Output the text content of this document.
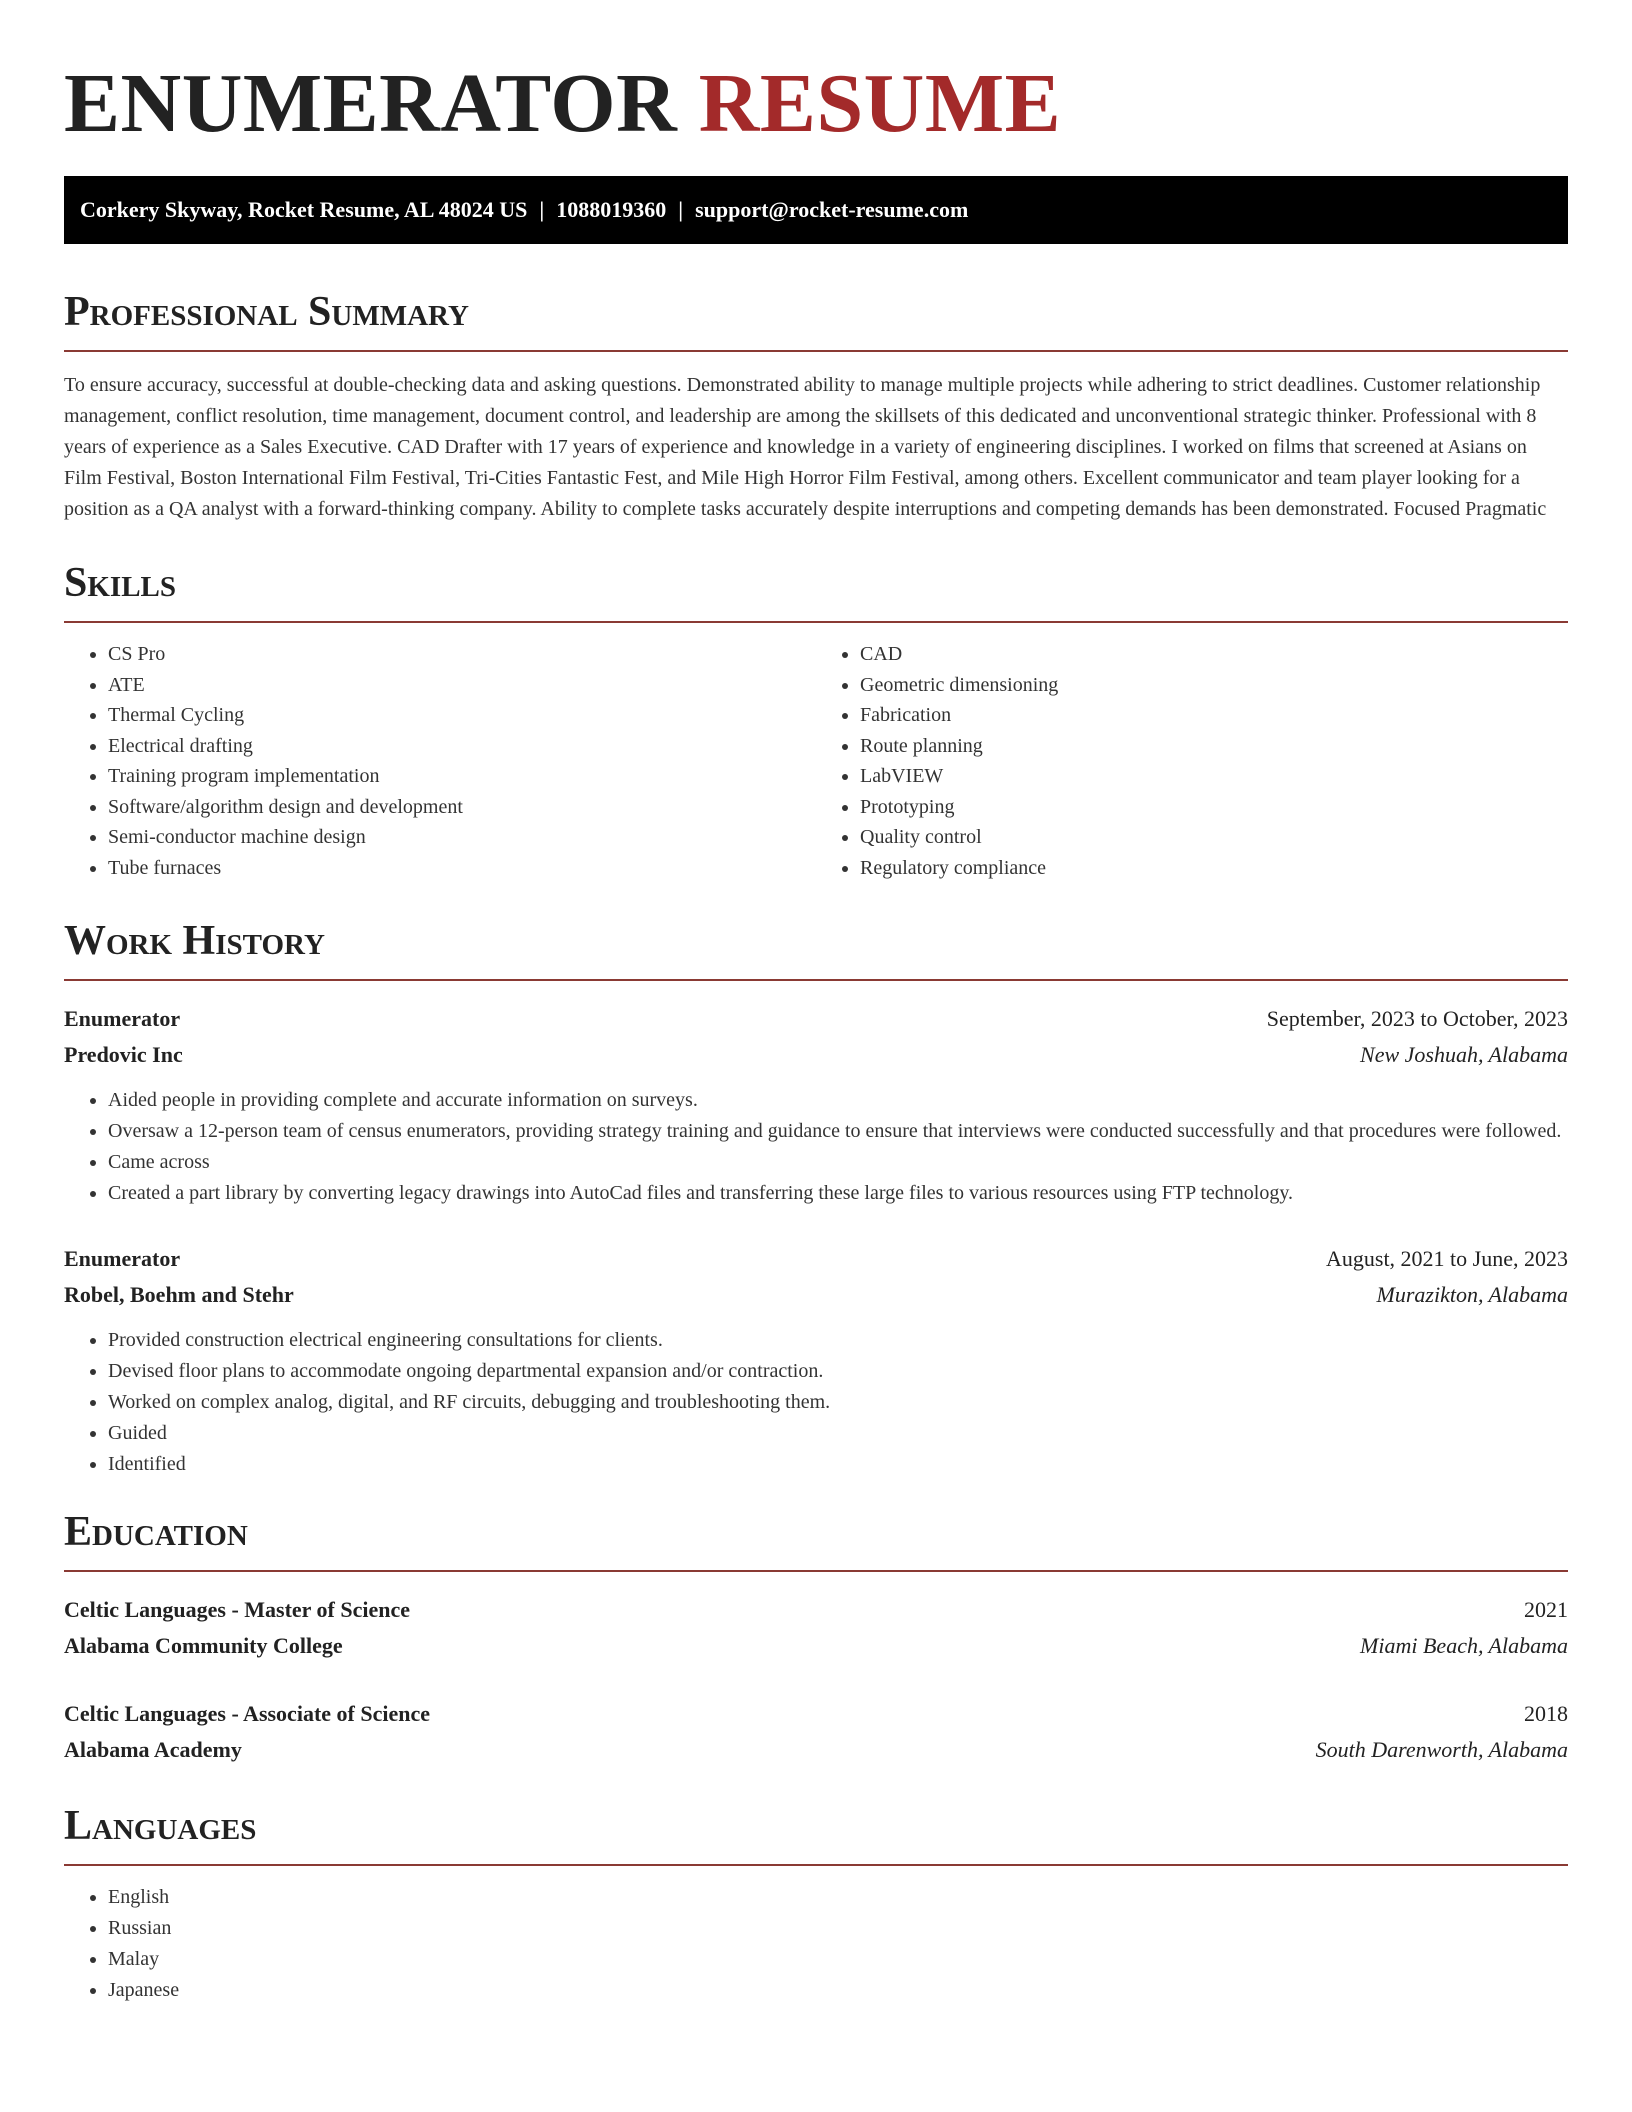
ENUMERATOR RESUME
Corkery Skyway, Rocket Resume, AL 48024 US | 1088019360 | support@rocket-resume.com
Professional Summary

To ensure accuracy, successful at double-checking data and asking questions. Demonstrated ability to manage multiple projects while adhering to strict deadlines. Customer relationship management, conflict resolution, time management, document control, and leadership are among the skillsets of this dedicated and unconventional strategic thinker. Professional with 8 years of experience as a Sales Executive. CAD Drafter with 17 years of experience and knowledge in a variety of engineering disciplines. I worked on films that screened at Asians on Film Festival, Boston International Film Festival, Tri-Cities Fantastic Fest, and Mile High Horror Film Festival, among others. Excellent communicator and team player looking for a position as a QA analyst with a forward-thinking company. Ability to complete tasks accurately despite interruptions and competing demands has been demonstrated. Focused Pragmatic

Skills
• CS Pro
• ATE
• Thermal Cycling
• Electrical drafting
• Training program implementation
• Software/algorithm design and development
• Semi-conductor machine design
• Tube furnaces
• CAD
• Geometric dimensioning
• Fabrication
• Route planning
• LabVIEW
• Prototyping
• Quality control
• Regulatory compliance
Work History
Enumerator	September, 2023 to October, 2023
Predovic Inc	New Joshuah, Alabama
• Aided people in providing complete and accurate information on surveys.
• Oversaw a 12-person team of census enumerators, providing strategy training and guidance to ensure that interviews were conducted successfully and that procedures were followed.
• Came across
• Created a part library by converting legacy drawings into AutoCad files and transferring these large files to various resources using FTP technology.
Enumerator	August, 2021 to June, 2023
Robel, Boehm and Stehr	Murazikton, Alabama
• Provided construction electrical engineering consultations for clients.
• Devised floor plans to accommodate ongoing departmental expansion and/or contraction.
• Worked on complex analog, digital, and RF circuits, debugging and troubleshooting them.
• Guided
• Identified
Education
Celtic Languages - Master of Science	2021
Alabama Community College	Miami Beach, Alabama
Celtic Languages - Associate of Science	2018
Alabama Academy	South Darenworth, Alabama
Languages
• English
• Russian
• Malay
• Japanese
